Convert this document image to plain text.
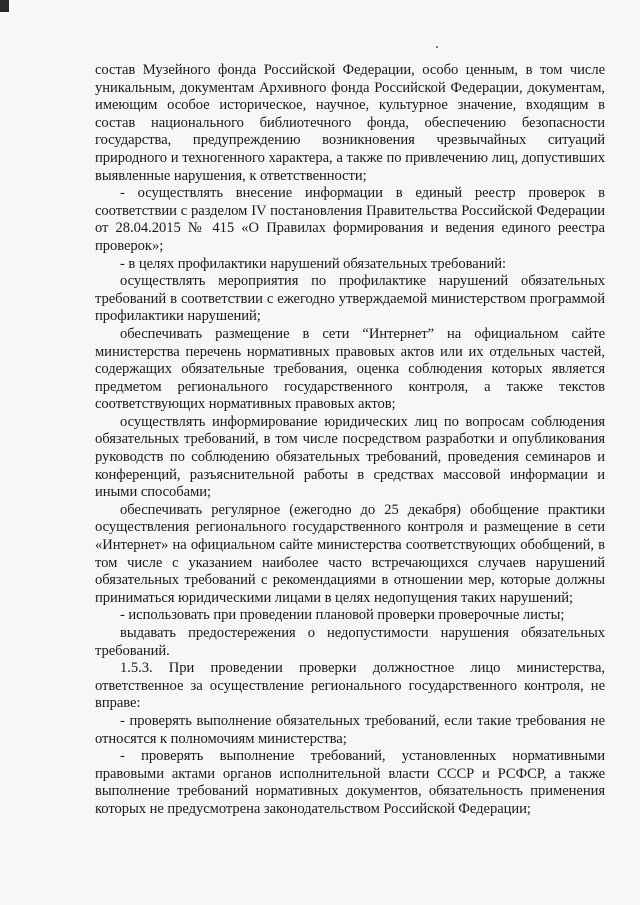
состав Музейного фонда Российской Федерации, особо ценным, в том числе уникальным, документам Архивного фонда Российской Федерации, документам, имеющим особое историческое, научное, культурное значение, входящим в состав национального библиотечного фонда, обеспечению безопасности государства, предупреждению возникновения чрезвычайных ситуаций природного и техногенного характера, а также по привлечению лиц, допустивших выявленные нарушения, к ответственности;

- осуществлять внесение информации в единый реестр проверок в соответствии с разделом IV постановления Правительства Российской Федерации от 28.04.2015 № 415 «О Правилах формирования и ведения единого реестра проверок»;

- в целях профилактики нарушений обязательных требований:

осуществлять мероприятия по профилактике нарушений обязательных требований в соответствии с ежегодно утверждаемой министерством программой профилактики нарушений;

обеспечивать размещение в сети “Интернет” на официальном сайте министерства перечень нормативных правовых актов или их отдельных частей, содержащих обязательные требования, оценка соблюдения которых является предметом регионального государственного контроля, а также текстов соответствующих нормативных правовых актов;

осуществлять информирование юридических лиц по вопросам соблюдения обязательных требований, в том числе посредством разработки и опубликования руководств по соблюдению обязательных требований, проведения семинаров и конференций, разъяснительной работы в средствах массовой информации и иными способами;

обеспечивать регулярное (ежегодно до 25 декабря) обобщение практики осуществления регионального государственного контроля и размещение в сети «Интернет» на официальном сайте министерства соответствующих обобщений, в том числе с указанием наиболее часто встречающихся случаев нарушений обязательных требований с рекомендациями в отношении мер, которые должны приниматься юридическими лицами в целях недопущения таких нарушений;

- использовать при проведении плановой проверки проверочные листы;

выдавать предостережения о недопустимости нарушения обязательных требований.

1.5.3. При проведении проверки должностное лицо министерства, ответственное за осуществление регионального государственного контроля, не вправе:

- проверять выполнение обязательных требований, если такие требования не относятся к полномочиям министерства;

- проверять выполнение требований, установленных нормативными правовыми актами органов исполнительной власти СССР и РСФСР, а также выполнение требований нормативных документов, обязательность применения которых не предусмотрена законодательством Российской Федерации;
